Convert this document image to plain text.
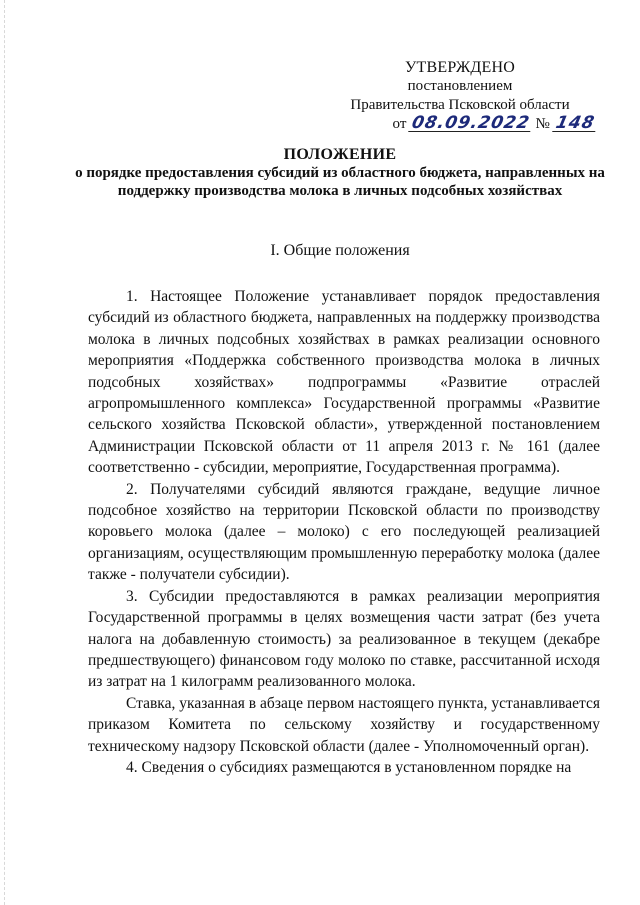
УТВЕРЖДЕНО
постановлением
Правительства Псковской области
от 08.09.2022 № 148
ПОЛОЖЕНИЕ
о порядке предоставления субсидий из областного бюджета, направленных на поддержку производства молока в личных подсобных хозяйствах
I. Общие положения

1. Настоящее Положение устанавливает порядок предоставления субсидий из областного бюджета, направленных на поддержку производства молока в личных подсобных хозяйствах в рамках реализации основного мероприятия «Поддержка собственного производства молока в личных подсобных хозяйствах» подпрограммы «Развитие отраслей агропромышленного комплекса» Государственной программы «Развитие сельского хозяйства Псковской области», утвержденной постановлением Администрации Псковской области от 11 апреля 2013 г. № 161 (далее соответственно - субсидии, мероприятие, Государственная программа).

2. Получателями субсидий являются граждане, ведущие личное подсобное хозяйство на территории Псковской области по производству коровьего молока (далее – молоко) с его последующей реализацией организациям, осуществляющим промышленную переработку молока (далее также - получатели субсидии).

3. Субсидии предоставляются в рамках реализации мероприятия Государственной программы в целях возмещения части затрат (без учета налога на добавленную стоимость) за реализованное в текущем (декабре предшествующего) финансовом году молоко по ставке, рассчитанной исходя из затрат на 1 килограмм реализованного молока.

Ставка, указанная в абзаце первом настоящего пункта, устанавливается приказом Комитета по сельскому хозяйству и государственному техническому надзору Псковской области (далее - Уполномоченный орган).

4. Сведения о субсидиях размещаются в установленном порядке на
